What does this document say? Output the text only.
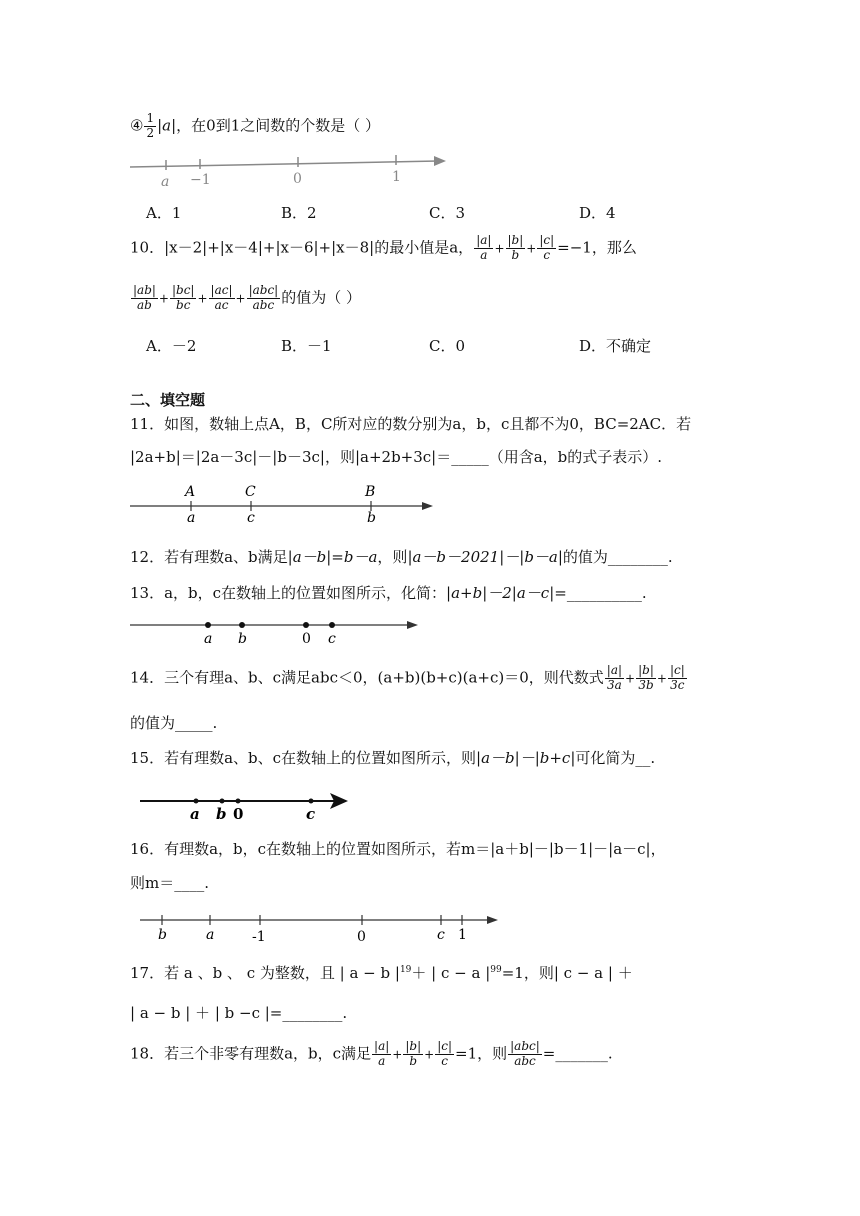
④ $\frac{1}{2} |a|$，在0到1之间数的个数是（ ）
a −1	0	1
A．1	B．2	C．3	D．4
10．|x－2|+|x－4|+|x－6|+|x－8|的最小值是a， $\frac{|a|}{a} + \frac{|b|}{b} + \frac{|c|}{c} =-1$，那么
$\frac{|ab|}{ab} + \frac{|bc|}{bc} + \frac{|ac|}{ac} + \frac{\text{|abc|}}{\text{abc}}$ 的值为（ ）
A．－2	B．－1	C．0	D．不确定
二、填空题
11．如图，数轴上点A，B，C所对应的数分别为a，b，c且都不为0，BC=2AC．若
|2a+b|＝|2a－3c|－|b－3c|，则|a+2b+3c|＝_____（用含a，b的式子表示）.
A	C	B
a	c	b
12．若有理数a、b满足|a－b|=b－a，则|a－b－2021|－|b－a|的值为________.
13．a，b，c在数轴上的位置如图所示，化简：|a+b|－2|a－c|=__________.
a b	0 c
14．三个有理a、b、c满足abc＜0，(a+b)(b+c)(a+c)＝0，则代数式 $\frac{|a|}{3a} + \frac{|b|}{3b} + \frac{|c|}{3c}$
的值为_____.
15．若有理数a、b、c在数轴上的位置如图所示，则|a－b|－|b+c|可化简为__.
a b 0	c
16．有理数a，b，c在数轴上的位置如图所示，若m＝|a＋b|－|b－1|－|a－c|，
则m＝____.
b	a	-1	0	c 1
17．若 a 、b 、 c 为整数，且 | a − b $|^{19}+$ | c − a $|^{99}=1$，则| c − a | ＋
| a − b | ＋ | b −c |=________.
18．若三个非零有理数a，b，c满足 $\frac{|a|}{a} + \frac{|b|}{b} + \frac{|c|}{c} =1$，则 $\frac{\text{|abc|}}{\text{abc}}$ =_______.
